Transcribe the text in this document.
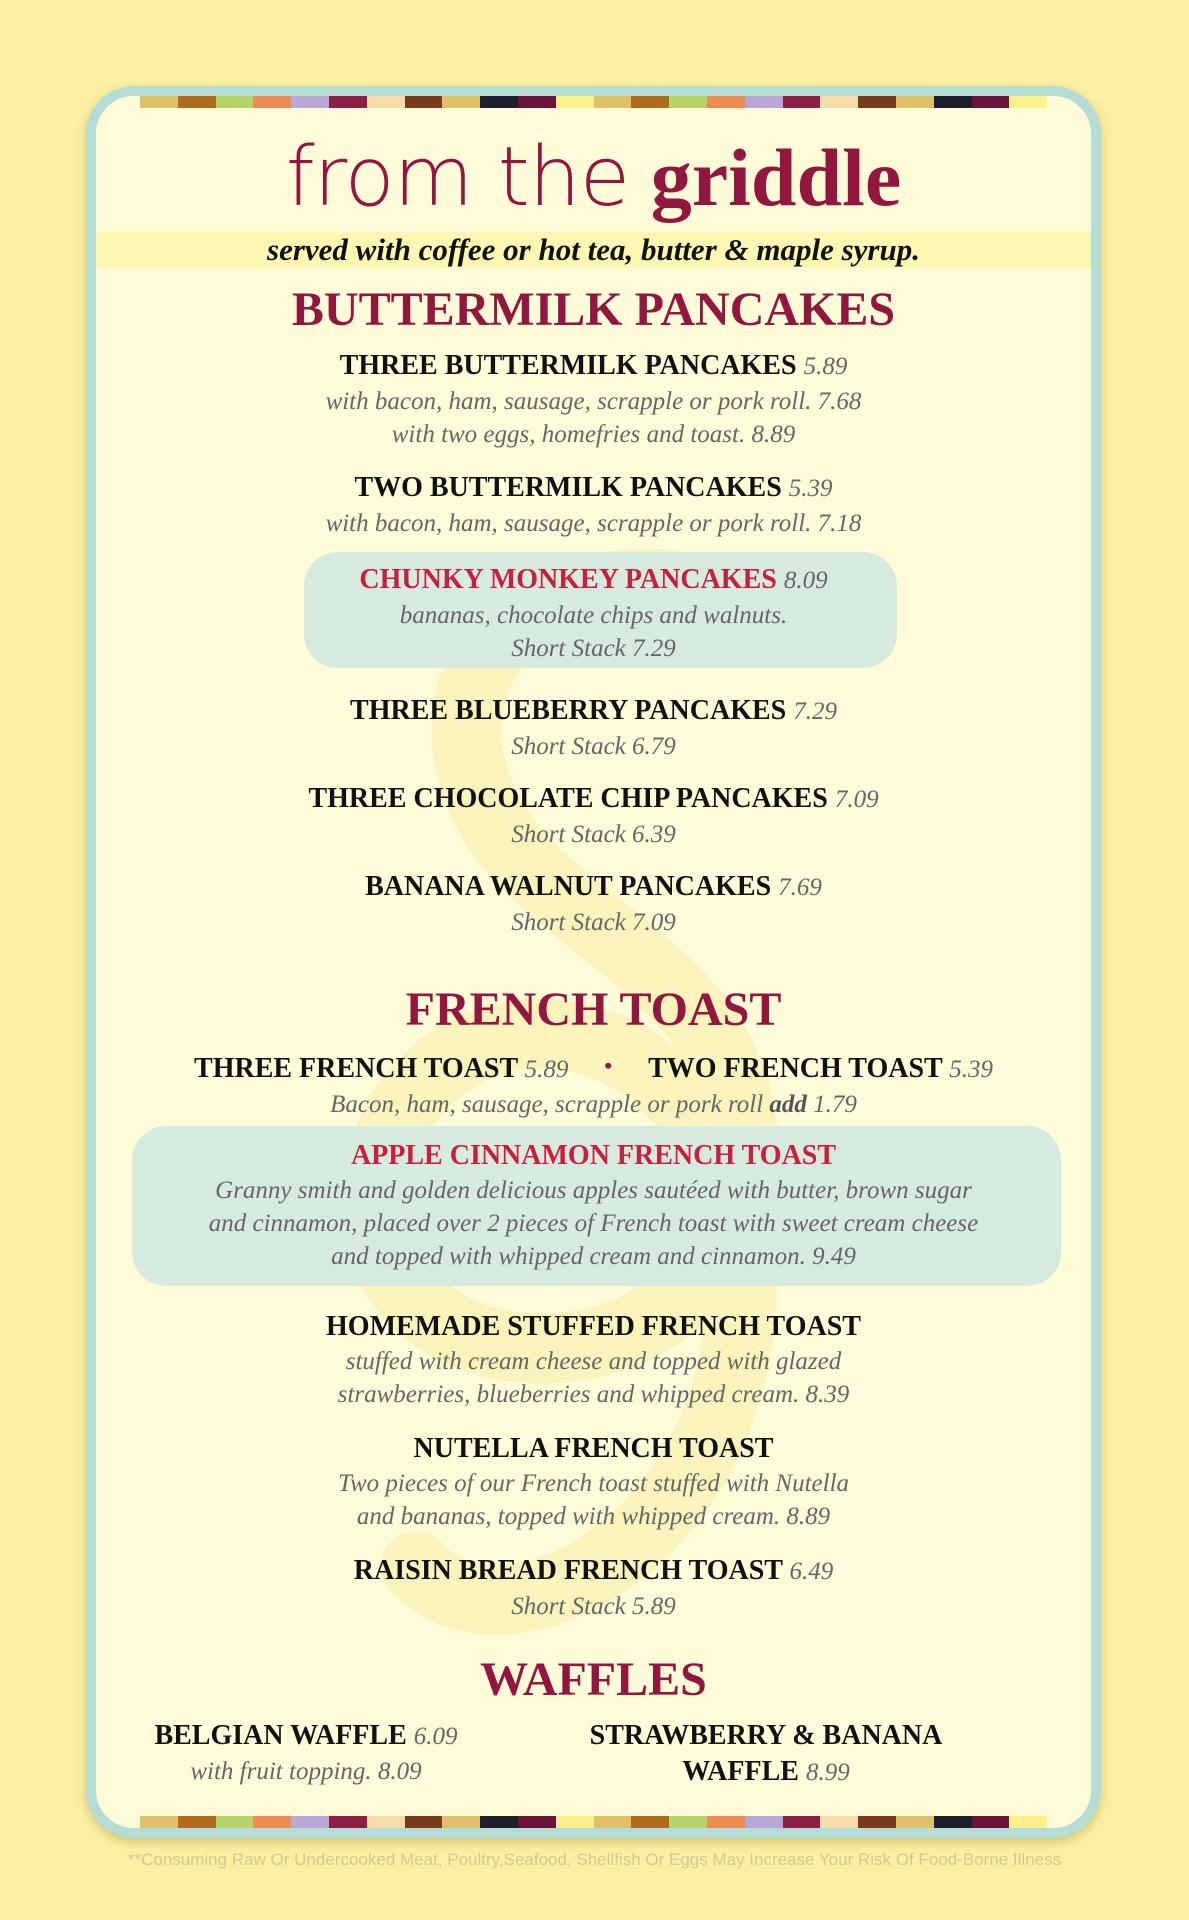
from the griddle
served with coffee or hot tea, butter & maple syrup.
BUTTERMILK PANCAKES
THREE BUTTERMILK PANCAKES 5.89
with bacon, ham, sausage, scrapple or pork roll. 7.68
with two eggs, homefries and toast. 8.89
TWO BUTTERMILK PANCAKES 5.39
with bacon, ham, sausage, scrapple or pork roll. 7.18
CHUNKY MONKEY PANCAKES 8.09
bananas, chocolate chips and walnuts.
Short Stack 7.29
THREE BLUEBERRY PANCAKES 7.29
Short Stack 6.79
THREE CHOCOLATE CHIP PANCAKES 7.09
Short Stack 6.39
BANANA WALNUT PANCAKES 7.69
Short Stack 7.09
FRENCH TOAST
THREE FRENCH TOAST 5.89 • TWO FRENCH TOAST 5.39
Bacon, ham, sausage, scrapple or pork roll add 1.79
APPLE CINNAMON FRENCH TOAST
Granny smith and golden delicious apples sautéed with butter, brown sugar
and cinnamon, placed over 2 pieces of French toast with sweet cream cheese
and topped with whipped cream and cinnamon. 9.49
HOMEMADE STUFFED FRENCH TOAST
stuffed with cream cheese and topped with glazed
strawberries, blueberries and whipped cream. 8.39
NUTELLA FRENCH TOAST
Two pieces of our French toast stuffed with Nutella
and bananas, topped with whipped cream. 8.89
RAISIN BREAD FRENCH TOAST 6.49
Short Stack 5.89
WAFFLES
BELGIAN WAFFLE 6.09
with fruit topping. 8.09
STRAWBERRY & BANANA
WAFFLE 8.99
**Consuming Raw Or Undercooked Meat, Poultry,Seafood, Shellfish Or Eggs May Increase Your Risk Of Food-Borne Illness
